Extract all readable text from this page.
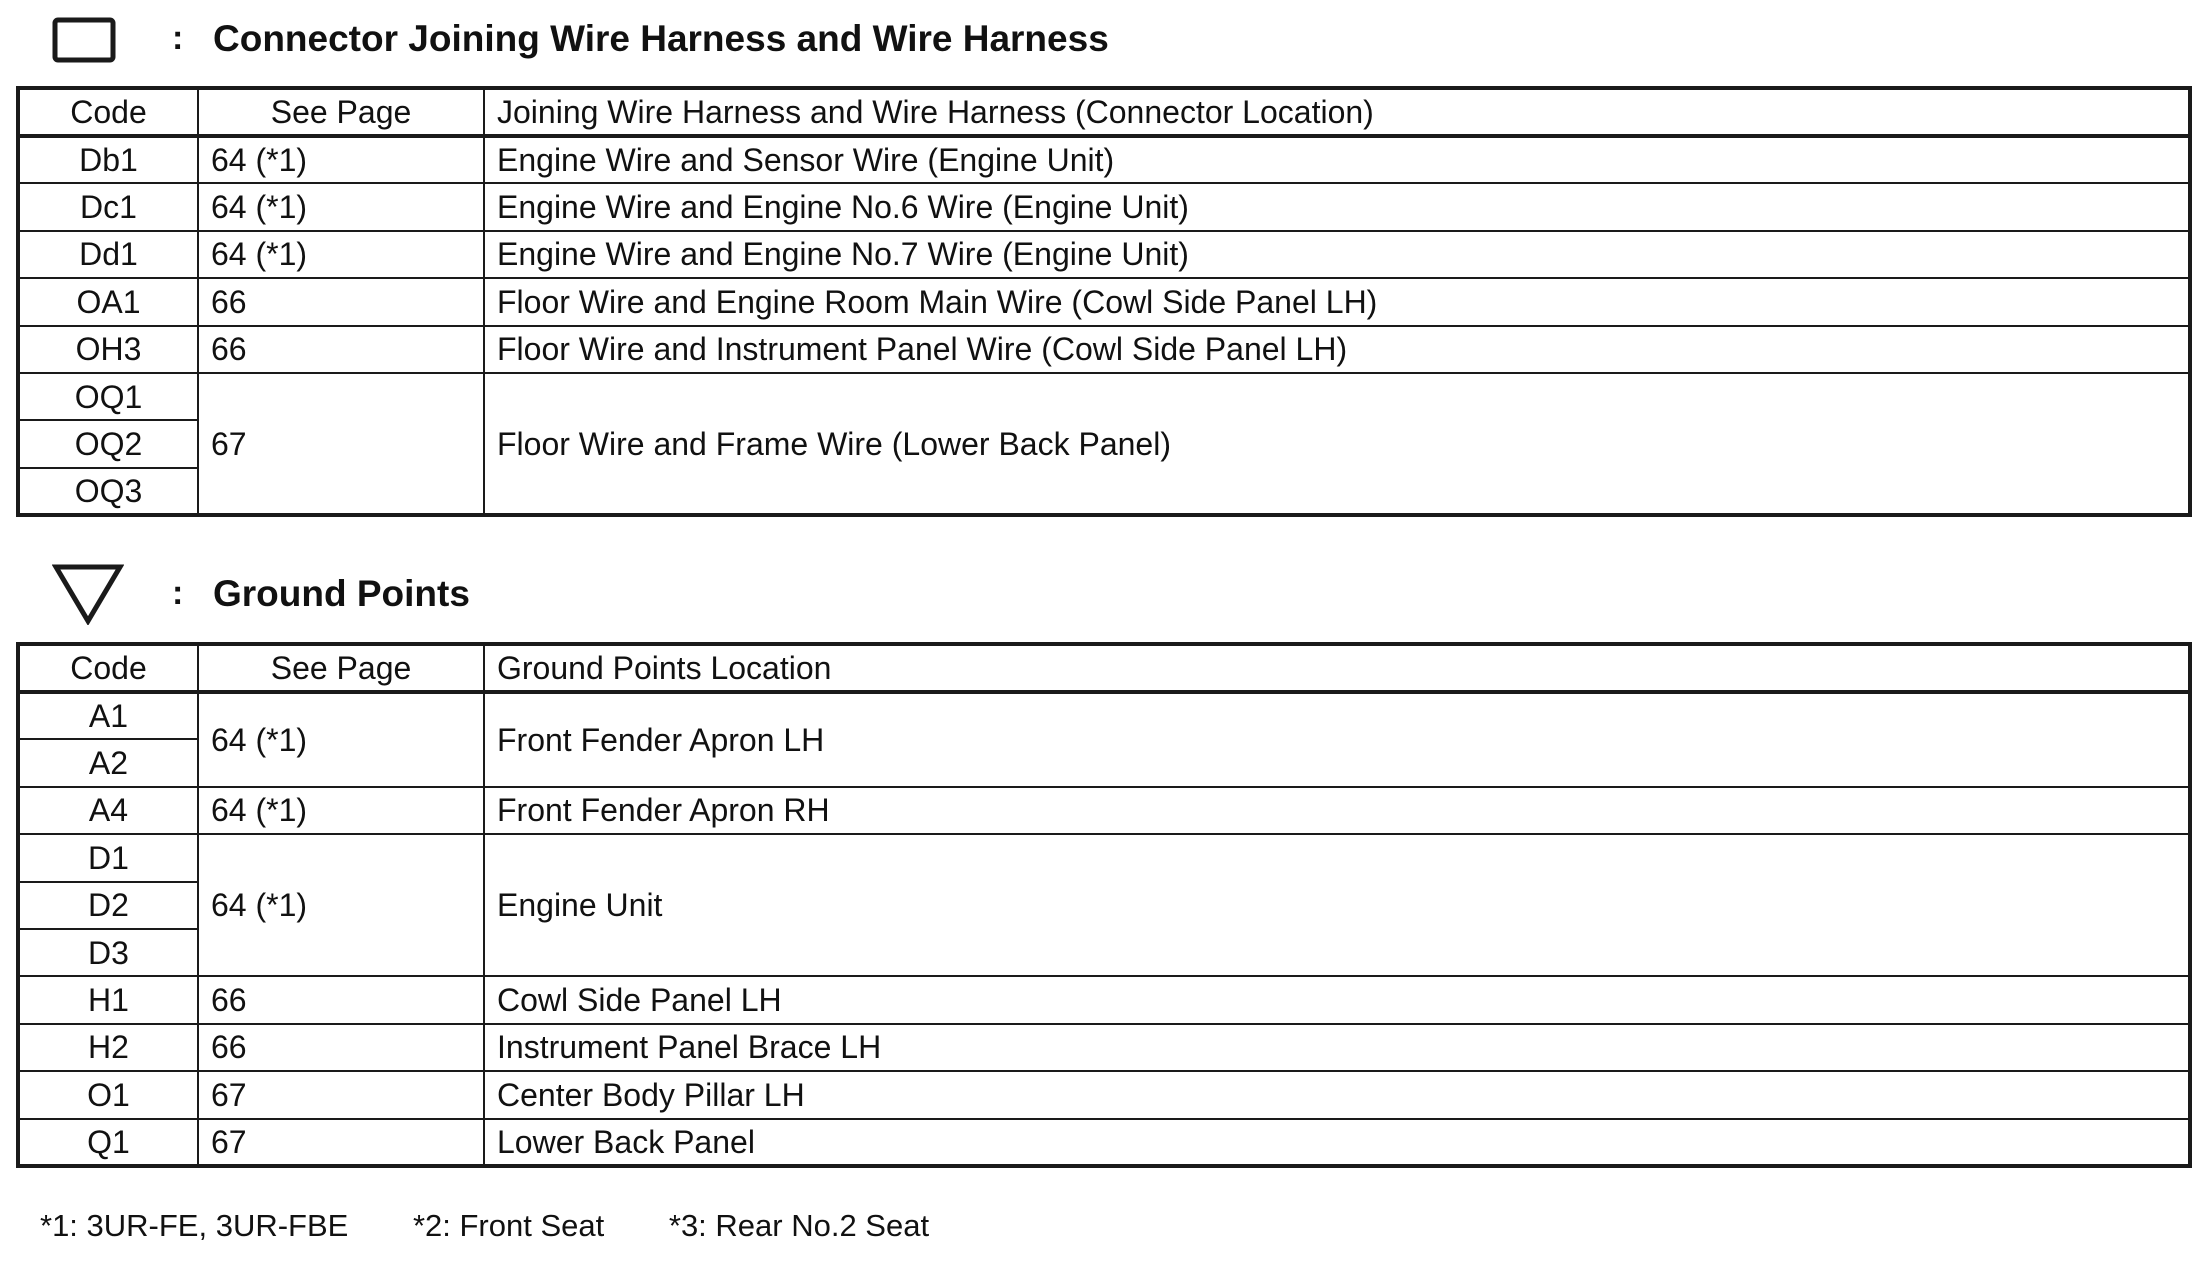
: Connector Joining Wire Harness and Wire Harness
Code	See Page	Joining Wire Harness and Wire Harness (Connector Location)
Db1	64 (*1)	Engine Wire and Sensor Wire (Engine Unit)
Dc1	64 (*1)	Engine Wire and Engine No.6 Wire (Engine Unit)
Dd1	64 (*1)	Engine Wire and Engine No.7 Wire (Engine Unit)
OA1	66	Floor Wire and Engine Room Main Wire (Cowl Side Panel LH)
OH3	66	Floor Wire and Instrument Panel Wire (Cowl Side Panel LH)
OQ1	67	Floor Wire and Frame Wire (Lower Back Panel)
OQ2		
OQ3		
: Ground Points
Code	See Page	Ground Points Location
A1	64 (*1)	Front Fender Apron LH
A2		
A4	64 (*1)	Front Fender Apron RH
D1	64 (*1)	Engine Unit
D2		
D3		
H1	66	Cowl Side Panel LH
H2	66	Instrument Panel Brace LH
O1	67	Center Body Pillar LH
Q1	67	Lower Back Panel
*1: 3UR-FE, 3UR-FBE *2: Front Seat *3: Rear No.2 Seat
